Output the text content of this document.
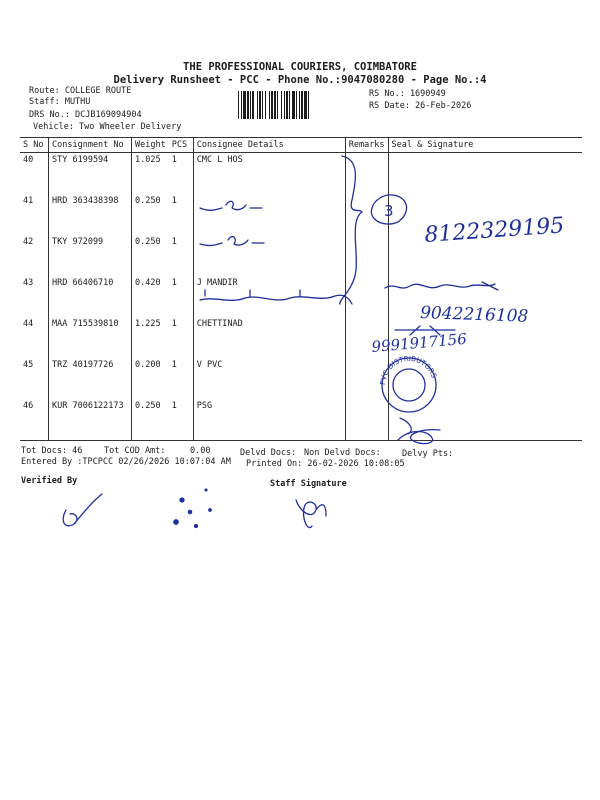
THE PROFESSIONAL COURIERS, COIMBATORE
Delivery Runsheet - PCC - Phone No.:9047080280 - Page No.:4
Route: COLLEGE ROUTE
Staff: MUTHU
DRS No.: DCJB169094904
Vehicle: Two Wheeler Delivery
RS No.: 1690949
RS Date: 26-Feb-2026
S No	Consignment No	Weight	PCS	Consignee Details	Remarks	Seal & Signature
40	STY 6199594	1.025	1	CMC L HOS		
41	HRD 363438398	0.250	1			
42	TKY 972099	0.250	1			
43	HRD 66406710	0.420	1	J MANDIR		
44	MAA 715539810	1.225	1	CHETTINAD		
45	TRZ 40197726	0.200	1	V PVC		
46	KUR 7006122173	0.250	1	PSG		
Tot Docs: 46	Tot COD Amt:	0.00	Delvd Docs: Non Delvd Docs: Delvy Pts:
Entered By :TPCPCC 02/26/2026 10:07:04 AM Printed On: 26-02-2026 10:08:05
Verified By	Staff Signature
3
8122329195
9042216108
9991917156
PVC DISTRIBUTORS
